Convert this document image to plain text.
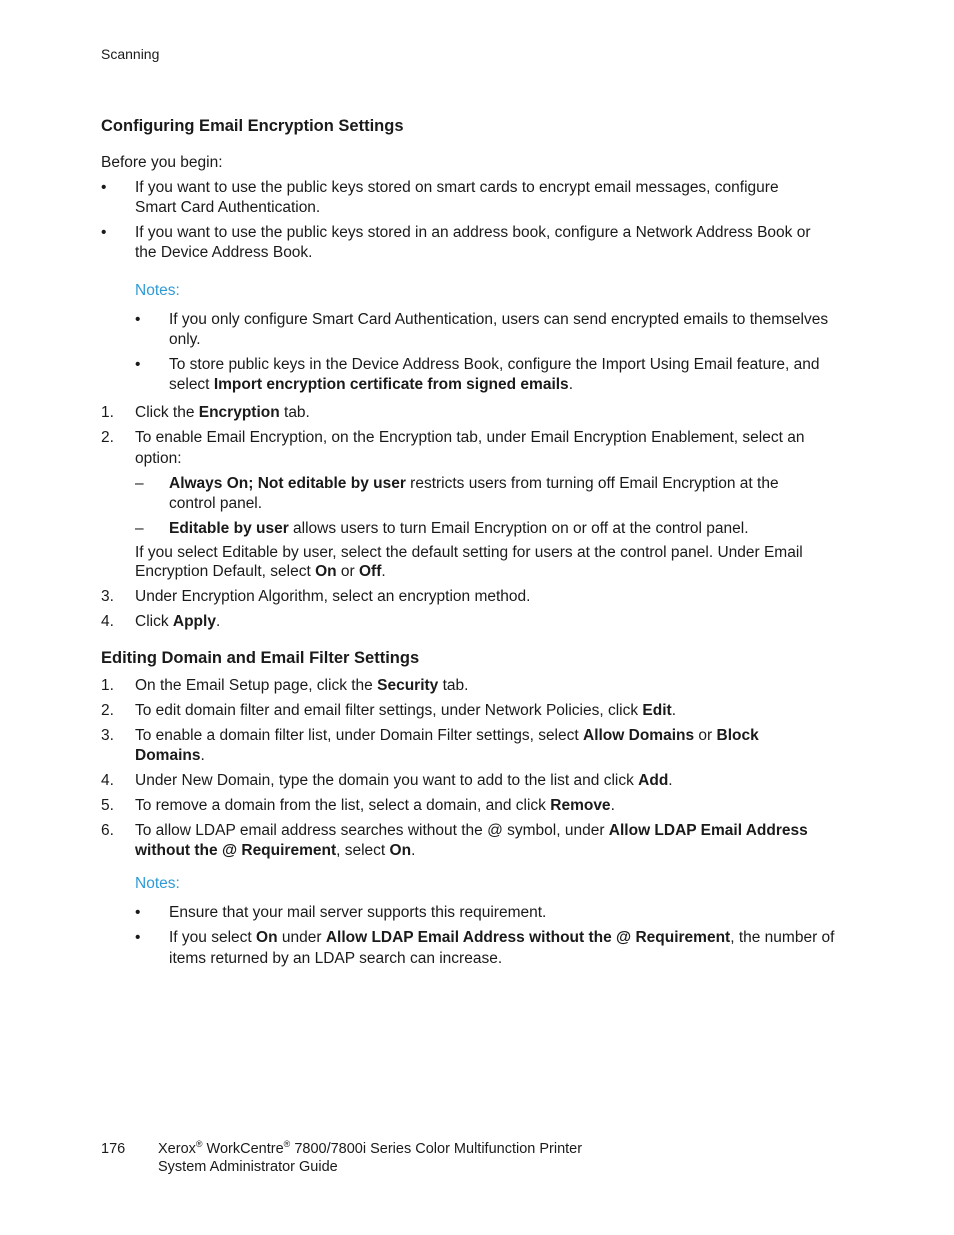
Scanning
Configuring Email Encryption Settings
Before you begin:
• If you want to use the public keys stored on smart cards to encrypt email messages, configure
Smart Card Authentication.
• If you want to use the public keys stored in an address book, configure a Network Address Book or
the Device Address Book.
Notes:
• If you only configure Smart Card Authentication, users can send encrypted emails to themselves
only.
• To store public keys in the Device Address Book, configure the Import Using Email feature, and
select Import encryption certificate from signed emails.
1. Click the Encryption tab.
2. To enable Email Encryption, on the Encryption tab, under Email Encryption Enablement, select an
option:
– Always On; Not editable by user restricts users from turning off Email Encryption at the
control panel.
– Editable by user allows users to turn Email Encryption on or off at the control panel.
If you select Editable by user, select the default setting for users at the control panel. Under Email
Encryption Default, select On or Off.
3. Under Encryption Algorithm, select an encryption method.
4. Click Apply.
Editing Domain and Email Filter Settings
1. On the Email Setup page, click the Security tab.
2. To edit domain filter and email filter settings, under Network Policies, click Edit.
3. To enable a domain filter list, under Domain Filter settings, select Allow Domains or Block
Domains.
4. Under New Domain, type the domain you want to add to the list and click Add.
5. To remove a domain from the list, select a domain, and click Remove.
6. To allow LDAP email address searches without the @ symbol, under Allow LDAP Email Address
without the @ Requirement, select On.
Notes:
• Ensure that your mail server supports this requirement.
• If you select On under Allow LDAP Email Address without the @ Requirement, the number of
items returned by an LDAP search can increase.
176 Xerox® WorkCentre® 7800/7800i Series Color Multifunction Printer
System Administrator Guide
